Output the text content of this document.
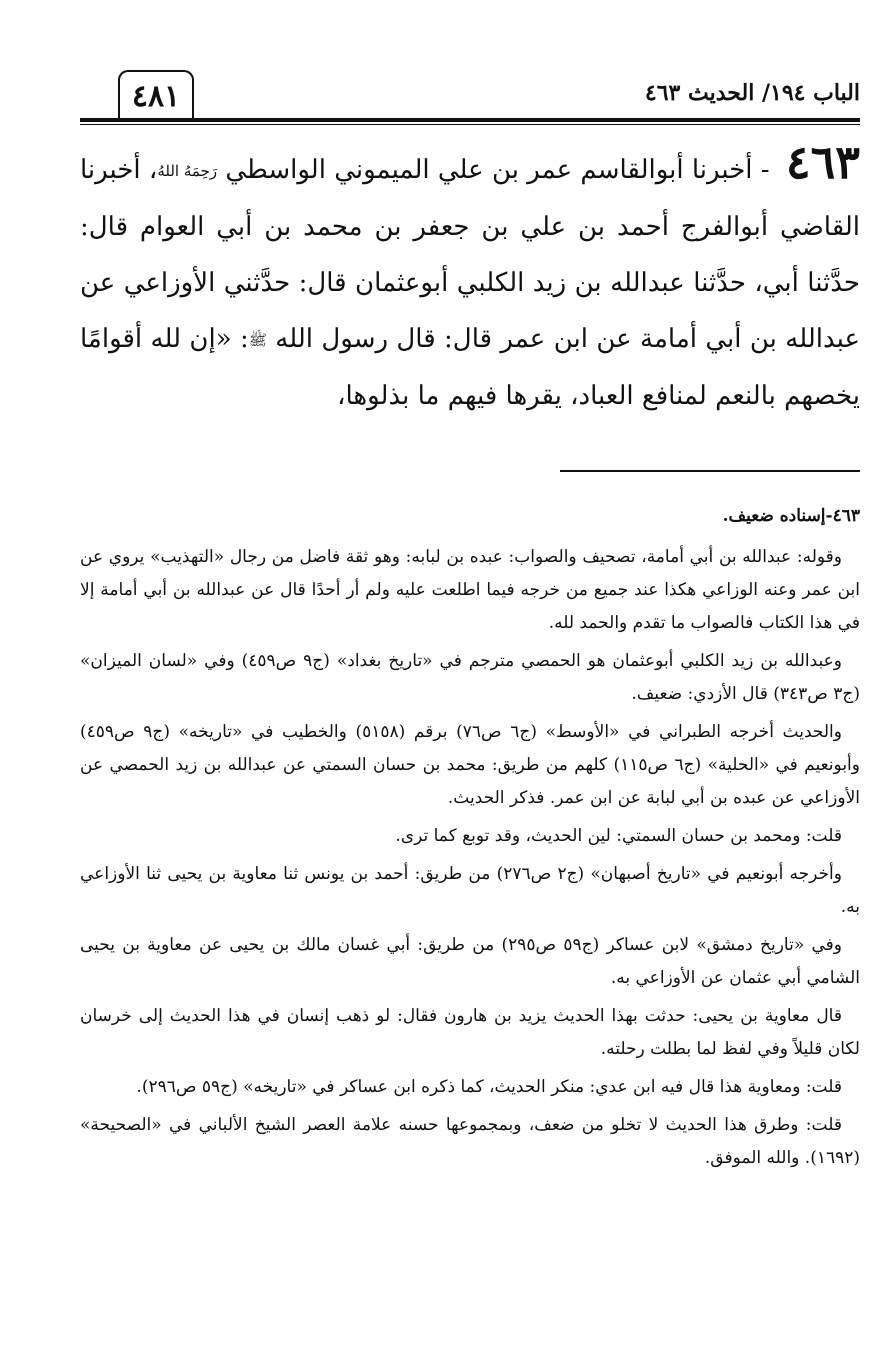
الباب ١٩٤/ الحديث ٤٦٣
٤٨١
٤٦٣ - أخبرنا أبوالقاسم عمر بن علي الميموني الواسطي رَحِمَهُ اللهُ، أخبرنا القاضي أبوالفرج أحمد بن علي بن جعفر بن محمد بن أبي العوام قال: حدَّثنا أبي، حدَّثنا عبدالله بن زيد الكلبي أبوعثمان قال: حدَّثني الأوزاعي عن عبدالله بن أبي أمامة عن ابن عمر قال: قال رسول الله ﷺ: «إن لله أقوامًا يخصهم بالنعم لمنافع العباد، يقرها فيهم ما بذلوها،
٤٦٣-إسناده ضعيف.

وقوله: عبدالله بن أبي أمامة، تصحيف والصواب: عبده بن لبابه: وهو ثقة فاضل من رجال «التهذيب» يروي عن ابن عمر وعنه الوزاعي هكذا عند جميع من خرجه فيما اطلعت عليه ولم أر أحدًا قال عن عبدالله بن أبي أمامة إلا في هذا الكتاب فالصواب ما تقدم والحمد لله.

وعبدالله بن زيد الكلبي أبوعثمان هو الحمصي مترجم في «تاريخ بغداد» (ج٩ ص٤٥٩) وفي «لسان الميزان» (ج٣ ص٣٤٣) قال الأزدي: ضعيف.

والحديث أخرجه الطبراني في «الأوسط» (ج٦ ص٧٦) برقم (٥١٥٨) والخطيب في «تاريخه» (ج٩ ص٤٥٩) وأبونعيم في «الحلية» (ج٦ ص١١٥) كلهم من طريق: محمد بن حسان السمتي عن عبدالله بن زيد الحمصي عن الأوزاعي عن عبده بن أبي لبابة عن ابن عمر. فذكر الحديث.

قلت: ومحمد بن حسان السمتي: لين الحديث، وقد توبع كما ترى.

وأخرجه أبونعيم في «تاريخ أصبهان» (ج٢ ص٢٧٦) من طريق: أحمد بن يونس ثنا معاوية بن يحيى ثنا الأوزاعي به.

وفي «تاريخ دمشق» لابن عساكر (ج٥٩ ص٢٩٥) من طريق: أبي غسان مالك بن يحيى عن معاوية بن يحيى الشامي أبي عثمان عن الأوزاعي به.

قال معاوية بن يحيى: حدثت بهذا الحديث يزيد بن هارون فقال: لو ذهب إنسان في هذا الحديث إلى خرسان لكان قليلاً وفي لفظ لما بطلت رحلته.

قلت: ومعاوية هذا قال فيه ابن عدي: منكر الحديث، كما ذكره ابن عساكر في «تاريخه» (ج٥٩ ص٢٩٦).

قلت: وطرق هذا الحديث لا تخلو من ضعف، وبمجموعها حسنه علامة العصر الشيخ الألباني في «الصحيحة» (١٦٩٢). والله الموفق.
